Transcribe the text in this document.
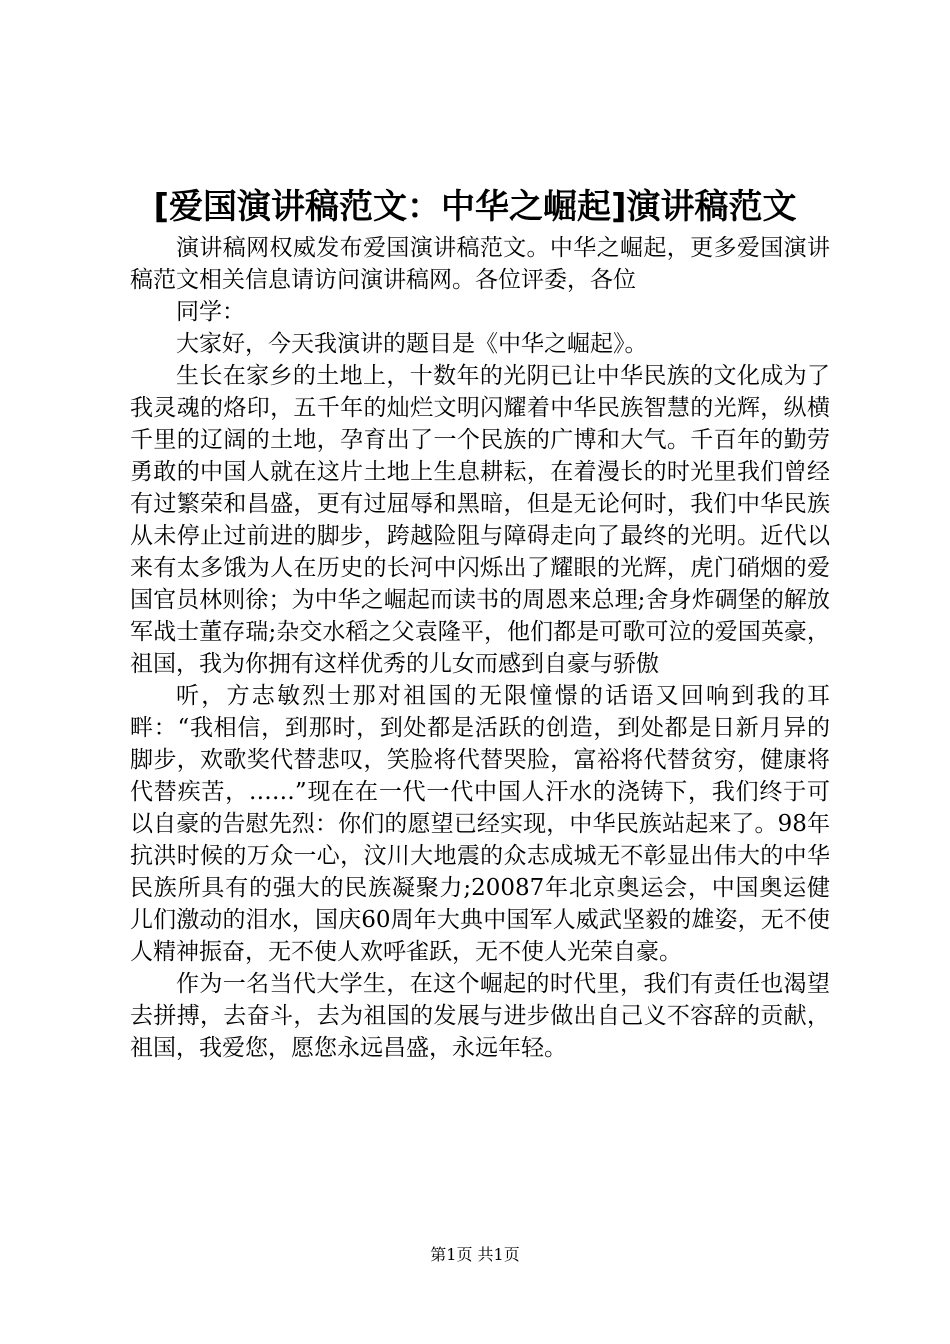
[爱国演讲稿范文：中华之崛起]演讲稿范文

演讲稿网权威发布爱国演讲稿范文。中华之崛起，更多爱国演讲稿范文相关信息请访问演讲稿网。各位评委，各位

同学：

大家好，今天我演讲的题目是《中华之崛起》。

生长在家乡的土地上，十数年的光阴已让中华民族的文化成为了我灵魂的烙印，五千年的灿烂文明闪耀着中华民族智慧的光辉，纵横千里的辽阔的土地，孕育出了一个民族的广博和大气。千百年的勤劳勇敢的中国人就在这片土地上生息耕耘，在着漫长的时光里我们曾经有过繁荣和昌盛，更有过屈辱和黑暗，但是无论何时，我们中华民族从未停止过前进的脚步，跨越险阻与障碍走向了最终的光明。近代以来有太多饿为人在历史的长河中闪烁出了耀眼的光辉，虎门硝烟的爱国官员林则徐；为中华之崛起而读书的周恩来总理;舍身炸碉堡的解放军战士董存瑞;杂交水稻之父袁隆平，他们都是可歌可泣的爱国英豪，祖国，我为你拥有这样优秀的儿女而感到自豪与骄傲

听，方志敏烈士那对祖国的无限憧憬的话语又回响到我的耳畔：“我相信，到那时，到处都是活跃的创造，到处都是日新月异的脚步，欢歌奖代替悲叹，笑脸将代替哭脸，富裕将代替贫穷，健康将代替疾苦，……”现在在一代一代中国人汗水的浇铸下，我们终于可以自豪的告慰先烈：你们的愿望已经实现，中华民族站起来了。98年抗洪时候的万众一心，汶川大地震的众志成城无不彰显出伟大的中华民族所具有的强大的民族凝聚力;20087年北京奥运会，中国奥运健儿们激动的泪水，国庆60周年大典中国军人威武坚毅的雄姿，无不使人精神振奋，无不使人欢呼雀跃，无不使人光荣自豪。

作为一名当代大学生，在这个崛起的时代里，我们有责任也渴望去拼搏，去奋斗，去为祖国的发展与进步做出自己义不容辞的贡献，祖国，我爱您，愿您永远昌盛，永远年轻。

第1页 共1页
